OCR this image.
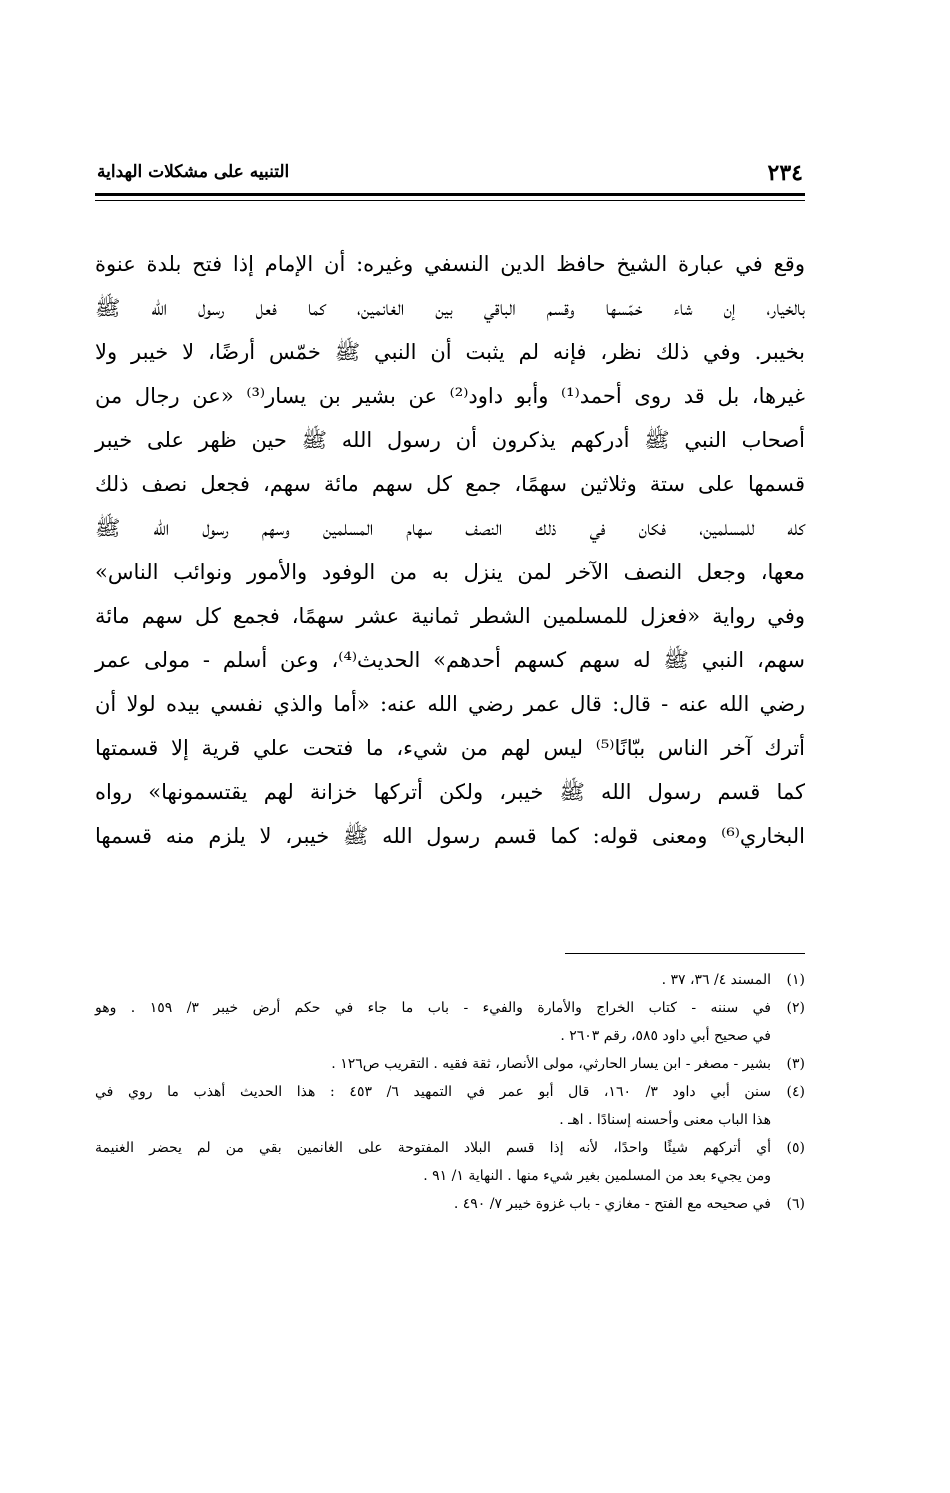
٢٣٤
التنبيه على مشكلات الهداية
وقع في عبارة الشيخ حافظ الدين النسفي وغيره: أن الإمام إذا فتح بلدة عنوة
بالخيار، إن شاء خمّسها وقسم الباقي بين الغانمين، كما فعل رسول الله ﷺ
بخيبر. وفي ذلك نظر، فإنه لم يثبت أن النبي ﷺ خمّس أرضًا، لا خيبر ولا
غيرها، بل قد روى أحمد⁽¹⁾ وأبو داود⁽²⁾ عن بشير بن يسار⁽³⁾ «عن رجال من
أصحاب النبي ﷺ أدركهم يذكرون أن رسول الله ﷺ حين ظهر على خيبر
قسمها على ستة وثلاثين سهمًا، جمع كل سهم مائة سهم، فجعل نصف ذلك
كله للمسلمين، فكان في ذلك النصف سهام المسلمين وسهم رسول الله ﷺ
معها، وجعل النصف الآخر لمن ينزل به من الوفود والأمور ونوائب الناس»
وفي رواية «فعزل للمسلمين الشطر ثمانية عشر سهمًا، فجمع كل سهم مائة
سهم، النبي ﷺ له سهم كسهم أحدهم» الحديث⁽⁴⁾، وعن أسلم - مولى عمر
رضي الله عنه - قال: قال عمر رضي الله عنه: «أما والذي نفسي بيده لولا أن
أترك آخر الناس ببّانًا⁽⁵⁾ ليس لهم من شيء، ما فتحت علي قرية إلا قسمتها
كما قسم رسول الله ﷺ خيبر، ولكن أتركها خزانة لهم يقتسمونها» رواه
البخاري⁽⁶⁾ ومعنى قوله: كما قسم رسول الله ﷺ خيبر، لا يلزم منه قسمها
(١)
المسند ٤/ ٣٦، ٣٧ .
(٢)
في سننه - كتاب الخراج والأمارة والفيء - باب ما جاء في حكم أرض خيبر ٣/ ١٥٩ . وهو
في صحيح أبي داود ٥٨٥، رقم ٢٦٠٣ .
(٣)
بشير - مصغر - ابن يسار الحارثي، مولى الأنصار، ثقة فقيه . التقريب ص١٢٦ .
(٤)
سنن أبي داود ٣/ ١٦٠، قال أبو عمر في التمهيد ٦/ ٤٥٣ : هذا الحديث أهذب ما روي في
هذا الباب معنى وأحسنه إسنادًا . اهـ .
(٥)
أي أتركهم شيئًا واحدًا، لأنه إذا قسم البلاد المفتوحة على الغانمين بقي من لم يحضر الغنيمة
ومن يجيء بعد من المسلمين بغير شيء منها . النهاية ١/ ٩١ .
(٦)
في صحيحه مع الفتح - مغازي - باب غزوة خيبر ٧/ ٤٩٠ .
